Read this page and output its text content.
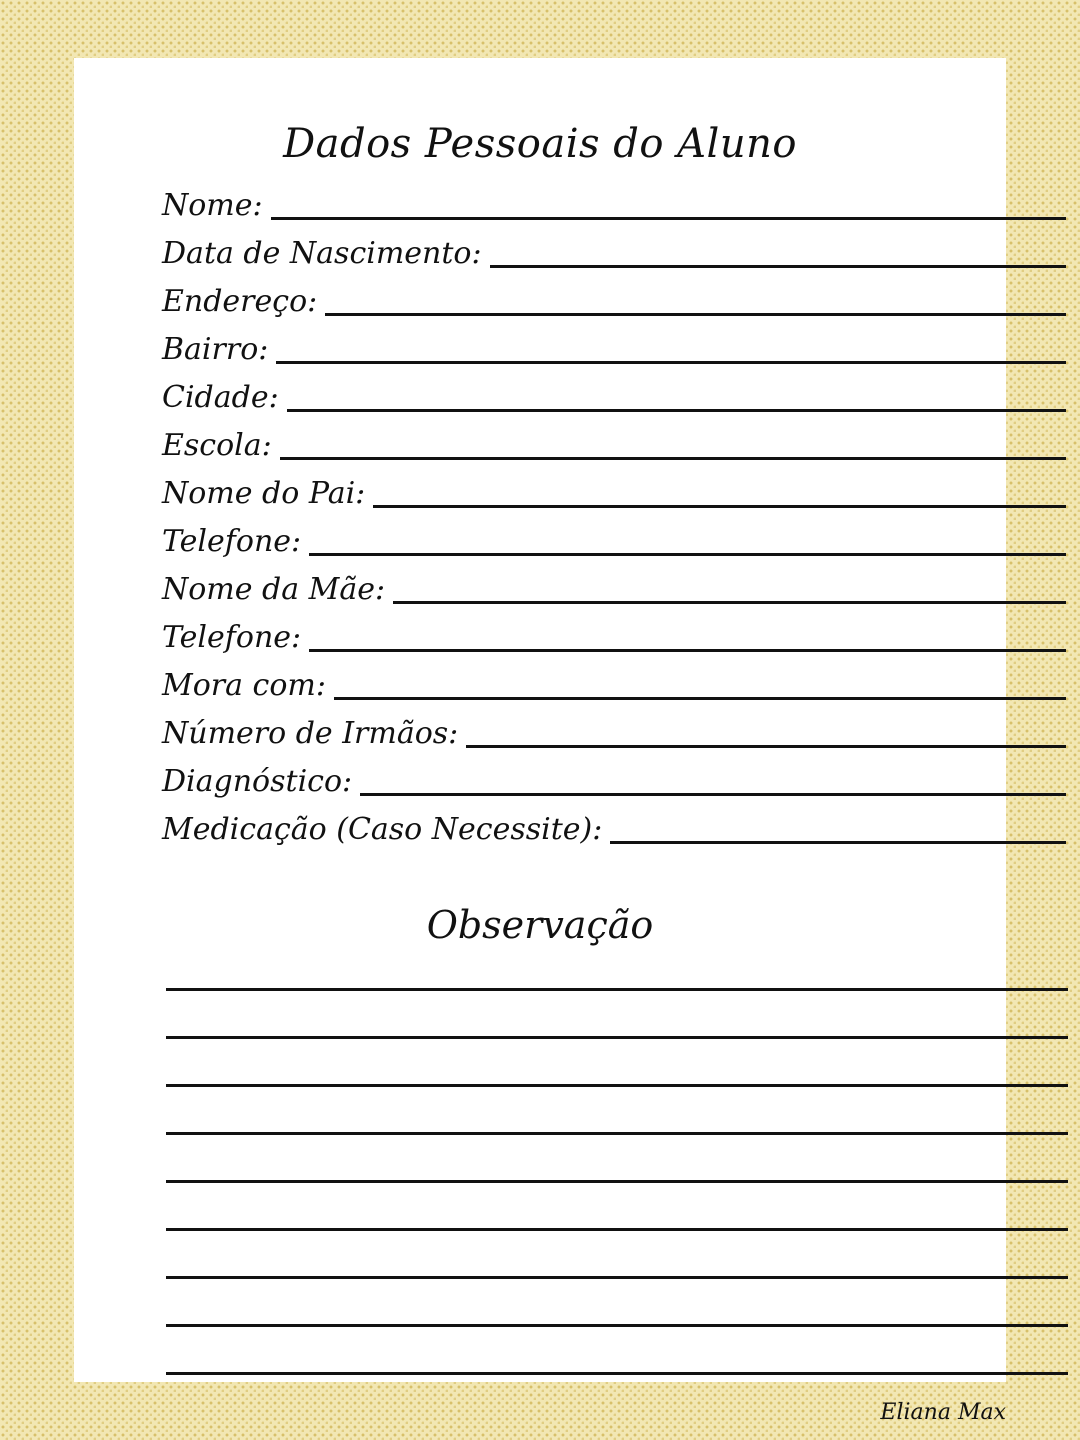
Dados Pessoais do Aluno
Nome:
Data de Nascimento:
Endereço:
Bairro:
Cidade:
Escola:
Nome do Pai:
Telefone:
Nome da Mãe:
Telefone:
Mora com:
Número de Irmãos:
Diagnóstico:
Medicação (Caso Necessite):
Observação
Eliana Max
